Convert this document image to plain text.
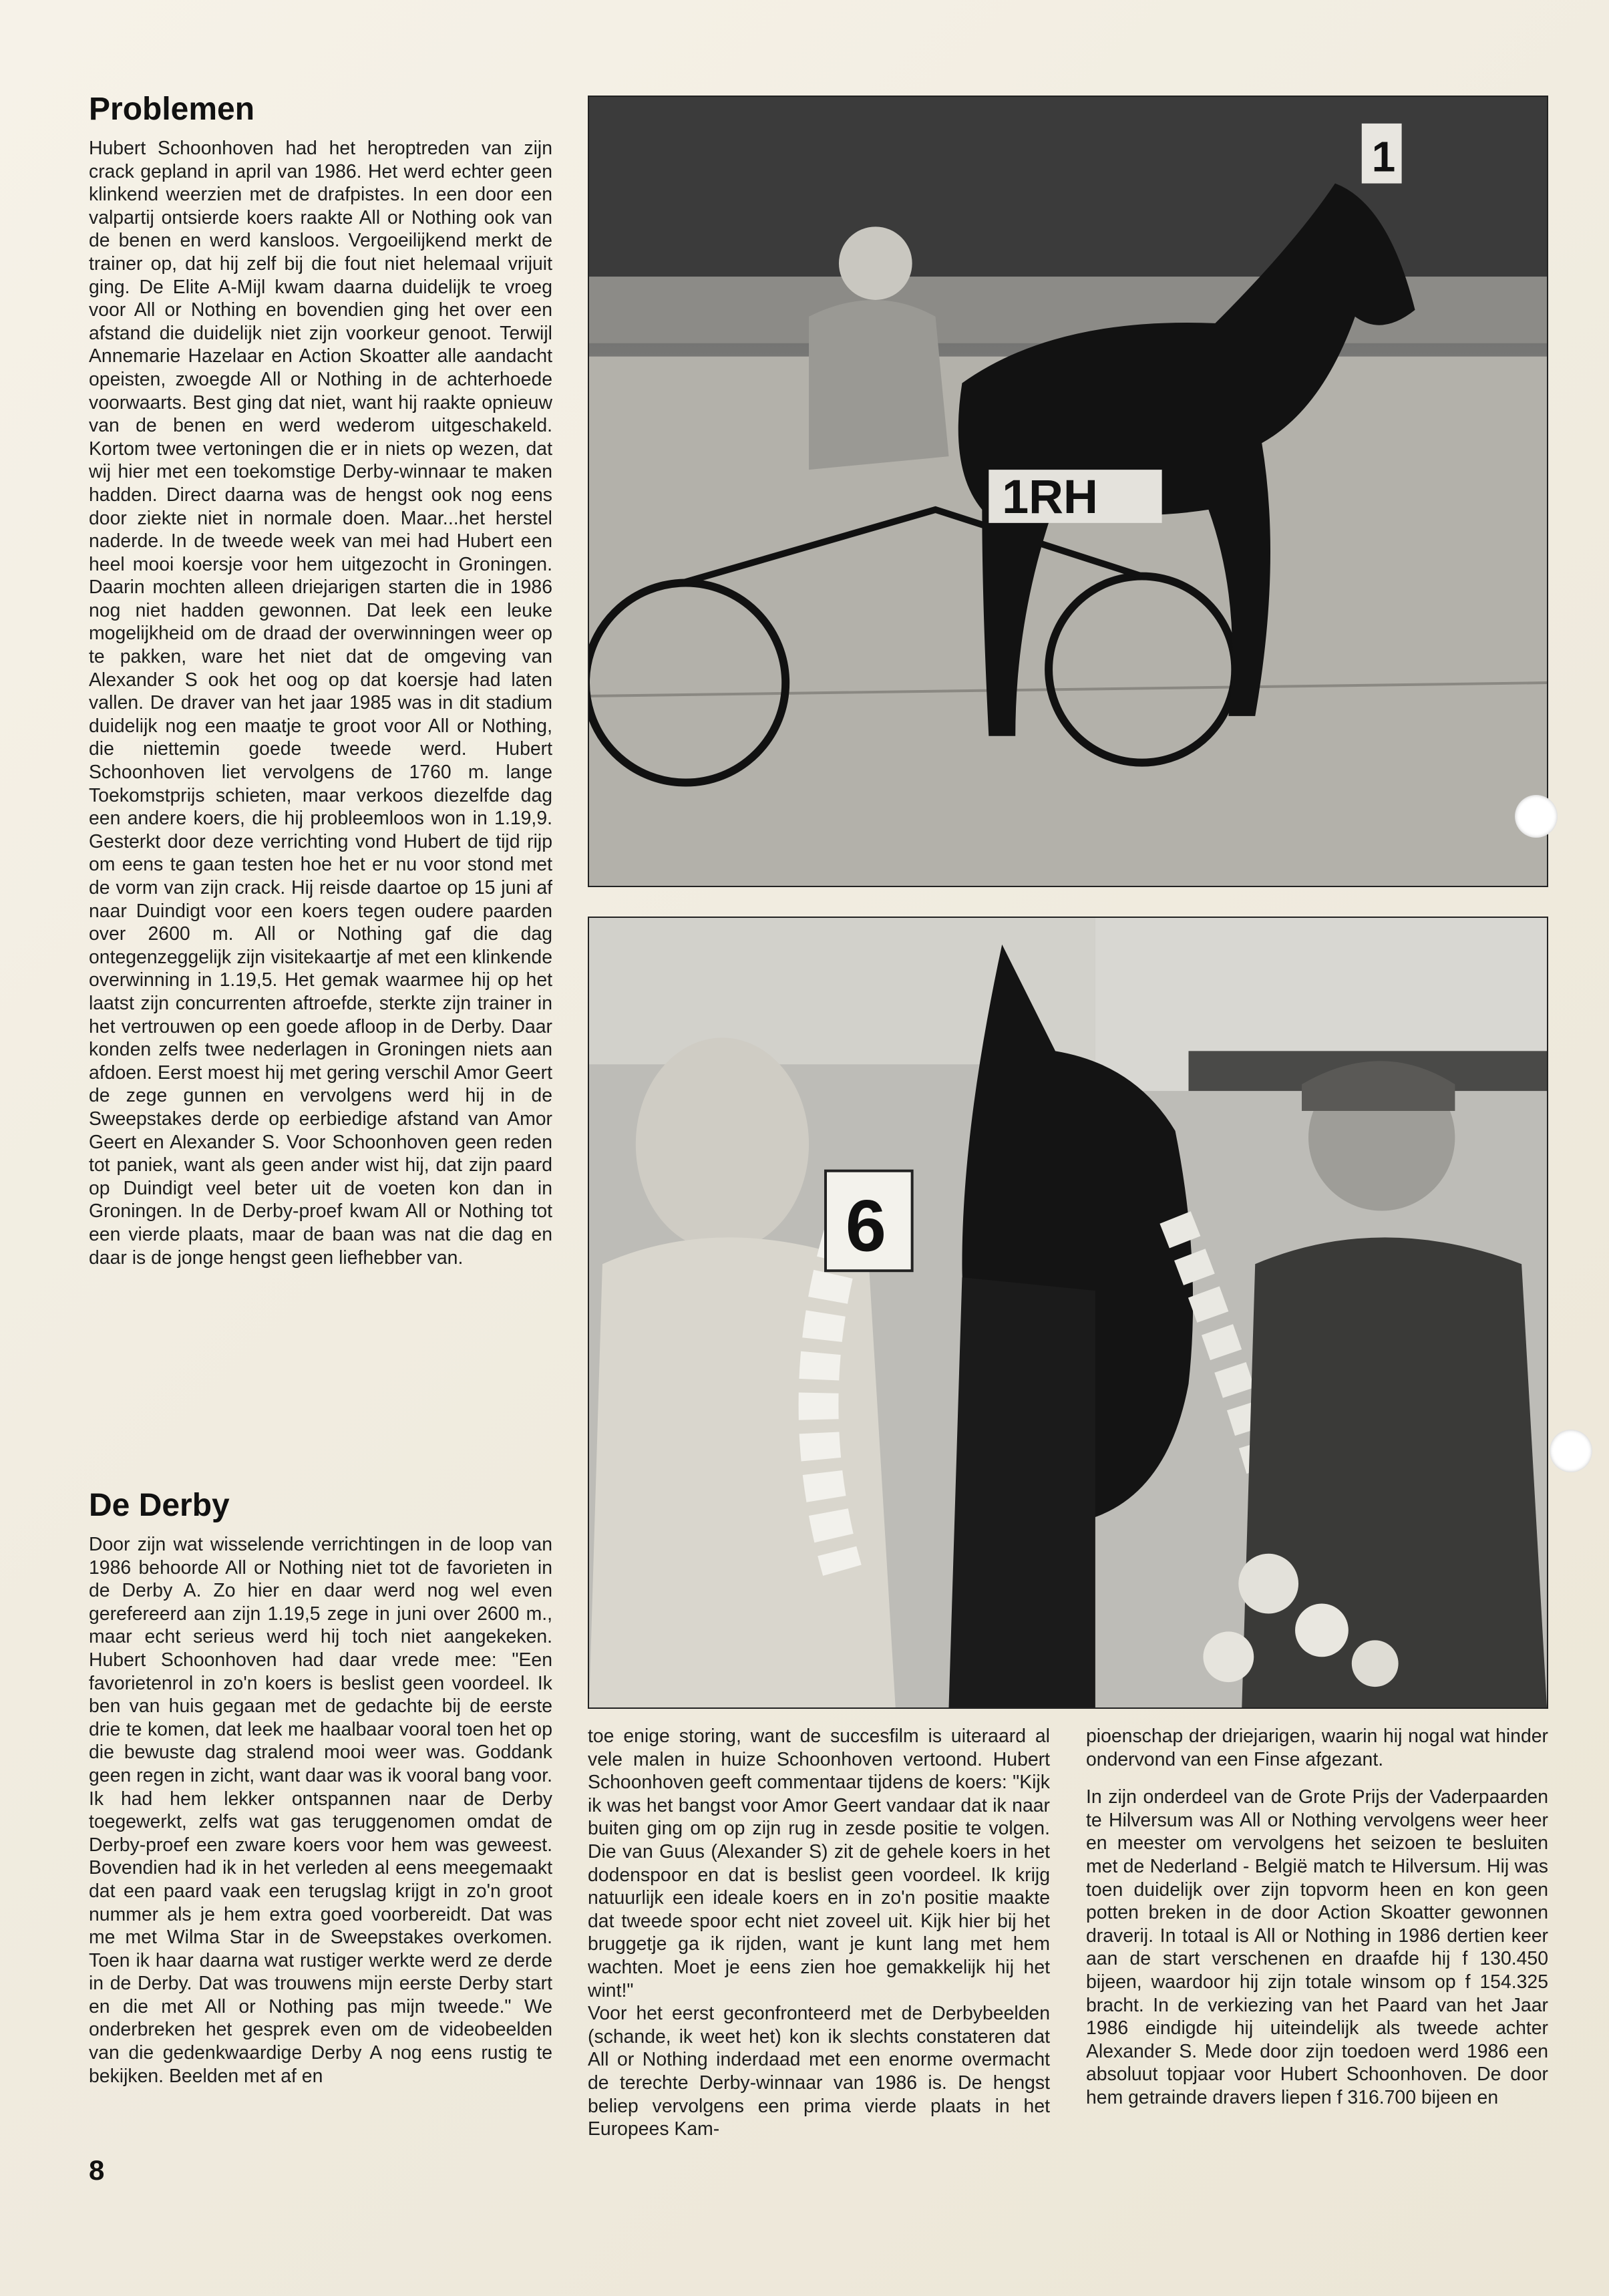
Problemen

Hubert Schoonhoven had het heroptreden van zijn crack gepland in april van 1986. Het werd echter geen klinkend weerzien met de drafpistes. In een door een valpartij ontsierde koers raakte All or Nothing ook van de benen en werd kansloos. Vergoeilijkend merkt de trainer op, dat hij zelf bij die fout niet helemaal vrijuit ging. De Elite A-Mijl kwam daarna duidelijk te vroeg voor All or Nothing en bovendien ging het over een afstand die duidelijk niet zijn voorkeur genoot. Terwijl Annemarie Hazelaar en Action Skoatter alle aandacht opeisten, zwoegde All or Nothing in de achterhoede voorwaarts. Best ging dat niet, want hij raakte opnieuw van de benen en werd wederom uitgeschakeld. Kortom twee vertoningen die er in niets op wezen, dat wij hier met een toekomstige Derby-winnaar te maken hadden. Direct daarna was de hengst ook nog eens door ziekte niet in normale doen. Maar...het herstel naderde. In de tweede week van mei had Hubert een heel mooi koersje voor hem uitgezocht in Groningen. Daarin mochten alleen driejarigen starten die in 1986 nog niet hadden gewonnen. Dat leek een leuke mogelijkheid om de draad der overwinningen weer op te pakken, ware het niet dat de omgeving van Alexander S ook het oog op dat koersje had laten vallen. De draver van het jaar 1985 was in dit stadium duidelijk nog een maatje te groot voor All or Nothing, die niettemin goede tweede werd. Hubert Schoonhoven liet vervolgens de 1760 m. lange Toekomstprijs schieten, maar verkoos diezelfde dag een andere koers, die hij probleemloos won in 1.19,9. Gesterkt door deze verrichting vond Hubert de tijd rijp om eens te gaan testen hoe het er nu voor stond met de vorm van zijn crack. Hij reisde daartoe op 15 juni af naar Duindigt voor een koers tegen oudere paarden over 2600 m. All or Nothing gaf die dag ontegenzeggelijk zijn visitekaartje af met een klinkende overwinning in 1.19,5. Het gemak waarmee hij op het laatst zijn concurrenten aftroefde, sterkte zijn trainer in het vertrouwen op een goede afloop in de Derby. Daar konden zelfs twee nederlagen in Groningen niets aan afdoen. Eerst moest hij met gering verschil Amor Geert de zege gunnen en vervolgens werd hij in de Sweepstakes derde op eerbiedige afstand van Amor Geert en Alexander S. Voor Schoonhoven geen reden tot paniek, want als geen ander wist hij, dat zijn paard op Duindigt veel beter uit de voeten kon dan in Groningen. In de Derby-proef kwam All or Nothing tot een vierde plaats, maar de baan was nat die dag en daar is de jonge hengst geen liefhebber van.

De Derby

Door zijn wat wisselende verrichtingen in de loop van 1986 behoorde All or Nothing niet tot de favorieten in de Derby A. Zo hier en daar werd nog wel even gerefereerd aan zijn 1.19,5 zege in juni over 2600 m., maar echt serieus werd hij toch niet aangekeken. Hubert Schoonhoven had daar vrede mee: "Een favorietenrol in zo'n koers is beslist geen voordeel. Ik ben van huis gegaan met de gedachte bij de eerste drie te komen, dat leek me haalbaar vooral toen het op die bewuste dag stralend mooi weer was. Goddank geen regen in zicht, want daar was ik vooral bang voor. Ik had hem lekker ontspannen naar de Derby toegewerkt, zelfs wat gas teruggenomen omdat de Derby-proef een zware koers voor hem was geweest. Bovendien had ik in het verleden al eens meegemaakt dat een paard vaak een terugslag krijgt in zo'n groot nummer als je hem extra goed voorbereidt. Dat was me met Wilma Star in de Sweepstakes overkomen. Toen ik haar daarna wat rustiger werkte werd ze derde in de Derby. Dat was trouwens mijn eerste Derby start en die met All or Nothing pas mijn tweede." We onderbreken het gesprek even om de videobeelden van die gedenkwaardige Derby A nog eens rustig te bekijken. Beelden met af en

1RH
1
6

toe enige storing, want de succesfilm is uiteraard al vele malen in huize Schoonhoven vertoond. Hubert Schoonhoven geeft commentaar tijdens de koers: "Kijk ik was het bangst voor Amor Geert vandaar dat ik naar buiten ging om op zijn rug in zesde positie te volgen. Die van Guus (Alexander S) zit de gehele koers in het dodenspoor en dat is beslist geen voordeel. Ik krijg natuurlijk een ideale koers en in zo'n positie maakte dat tweede spoor echt niet zoveel uit. Kijk hier bij het bruggetje ga ik rijden, want je kunt lang met hem wachten. Moet je eens zien hoe gemakkelijk hij het wint!"

Voor het eerst geconfronteerd met de Derbybeelden (schande, ik weet het) kon ik slechts constateren dat All or Nothing inderdaad met een enorme overmacht de terechte Derby-winnaar van 1986 is. De hengst beliep vervolgens een prima vierde plaats in het Europees Kam-

pioenschap der driejarigen, waarin hij nogal wat hinder ondervond van een Finse afgezant.

In zijn onderdeel van de Grote Prijs der Vaderpaarden te Hilversum was All or Nothing vervolgens weer heer en meester om vervolgens het seizoen te besluiten met de Nederland - België match te Hilversum. Hij was toen duidelijk over zijn topvorm heen en kon geen potten breken in de door Action Skoatter gewonnen draverij. In totaal is All or Nothing in 1986 dertien keer aan de start verschenen en draafde hij f 130.450 bijeen, waardoor hij zijn totale winsom op f 154.325 bracht. In de verkiezing van het Paard van het Jaar 1986 eindigde hij uiteindelijk als tweede achter Alexander S. Mede door zijn toedoen werd 1986 een absoluut topjaar voor Hubert Schoonhoven. De door hem getrainde dravers liepen f 316.700 bijeen en

8
